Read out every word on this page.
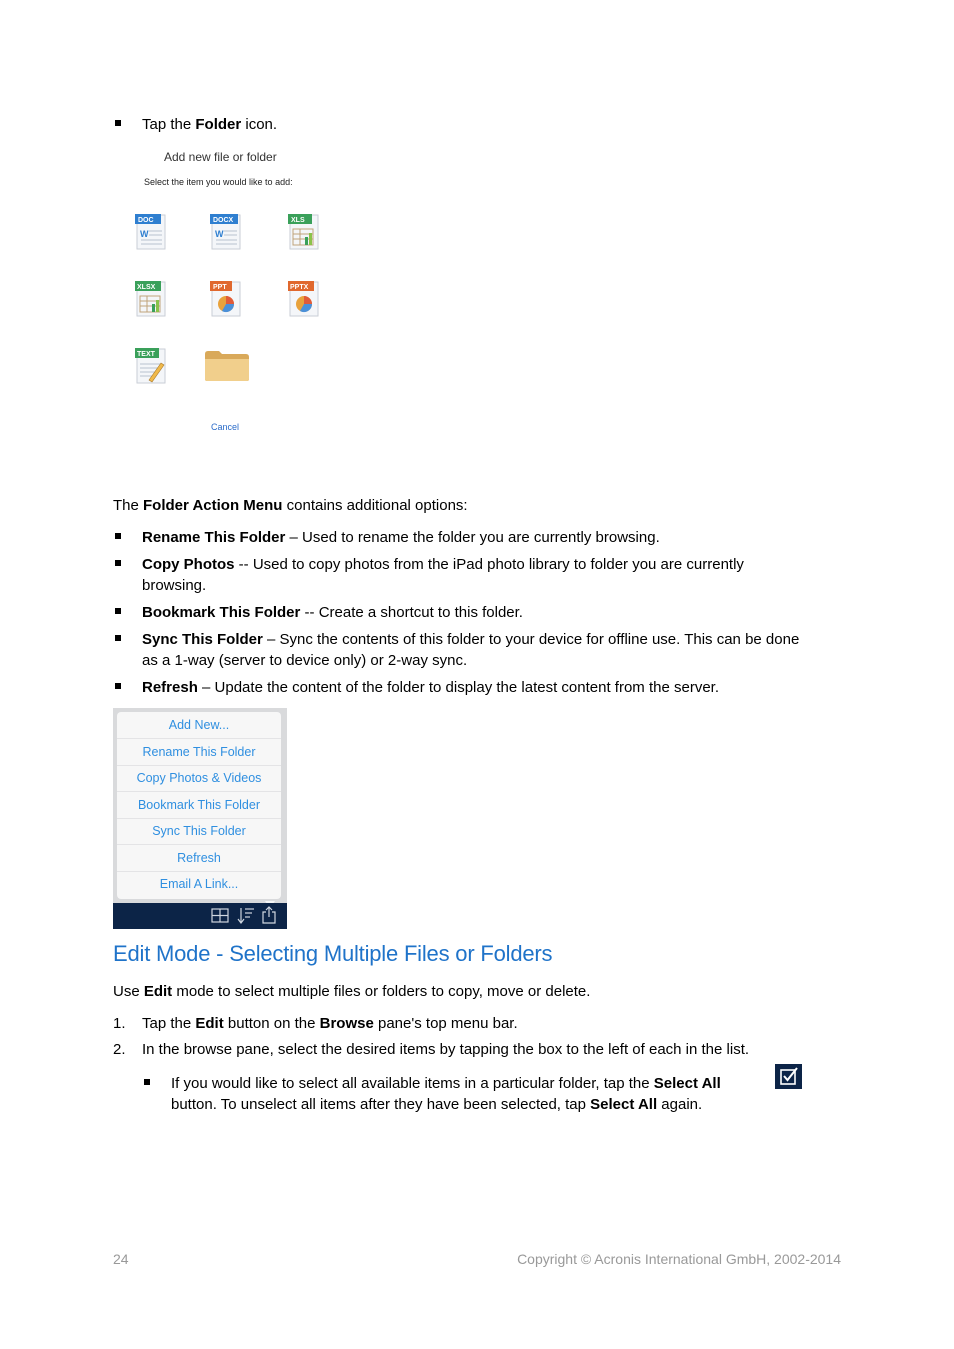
Tap the Folder icon.
Add new file or folder
Select the item you would like to add:
DOC
W
DOCX
W
XLS
XLSX	PPT	PPTX
TEXT
Cancel
The Folder Action Menu contains additional options:
Rename This Folder – Used to rename the folder you are currently browsing.
Copy Photos -- Used to copy photos from the iPad photo library to folder you are currently
browsing.
Bookmark This Folder -- Create a shortcut to this folder.
Sync This Folder – Sync the contents of this folder to your device for offline use. This can be done
as a 1-way (server to device only) or 2-way sync.
Refresh – Update the content of the folder to display the latest content from the server.
Add New...
Rename This Folder
Copy Photos & Videos
Bookmark This Folder
Sync This Folder
Refresh
Email A Link...
Edit Mode - Selecting Multiple Files or Folders
Use Edit mode to select multiple files or folders to copy, move or delete.
1. Tap the Edit button on the Browse pane's top menu bar.
2. In the browse pane, select the desired items by tapping the box to the left of each in the list.
If you would like to select all available items in a particular folder, tap the Select All
button. To unselect all items after they have been selected, tap Select All again.
24	Copyright © Acronis International GmbH, 2002-2014
